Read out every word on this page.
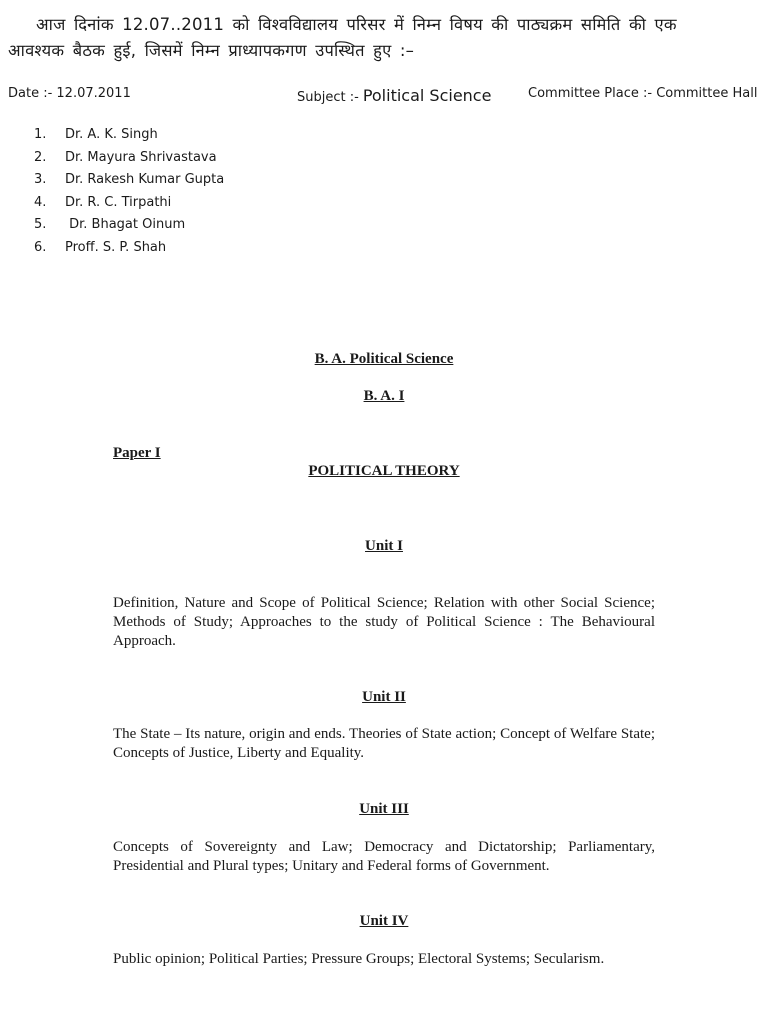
आज दिनांक 12.07..2011 को विश्वविद्यालय परिसर में निम्न विषय की पाठ्यक्रम समिति की एक आवश्यक बैठक हुई, जिसमें निम्न प्राध्यापकगण उपस्थित हुए :–
Date :- 12.07.2011	Subject :- Political Science	Committee Place :- Committee Hall
1. Dr. A. K. Singh
2. Dr. Mayura Shrivastava
3. Dr. Rakesh Kumar Gupta
4. Dr. R. C. Tirpathi
5. Dr. Bhagat Oinum
6. Proff. S. P. Shah
B. A. Political Science
B. A. I
Paper I
POLITICAL THEORY
Unit I

Definition, Nature and Scope of Political Science; Relation with other Social Science; Methods of Study; Approaches to the study of Political Science : The Behavioural Approach.

Unit II

The State – Its nature, origin and ends. Theories of State action; Concept of Welfare State; Concepts of Justice, Liberty and Equality.

Unit III

Concepts of Sovereignty and Law; Democracy and Dictatorship; Parliamentary, Presidential and Plural types; Unitary and Federal forms of Government.

Unit IV

Public opinion; Political Parties; Pressure Groups; Electoral Systems; Secularism.
